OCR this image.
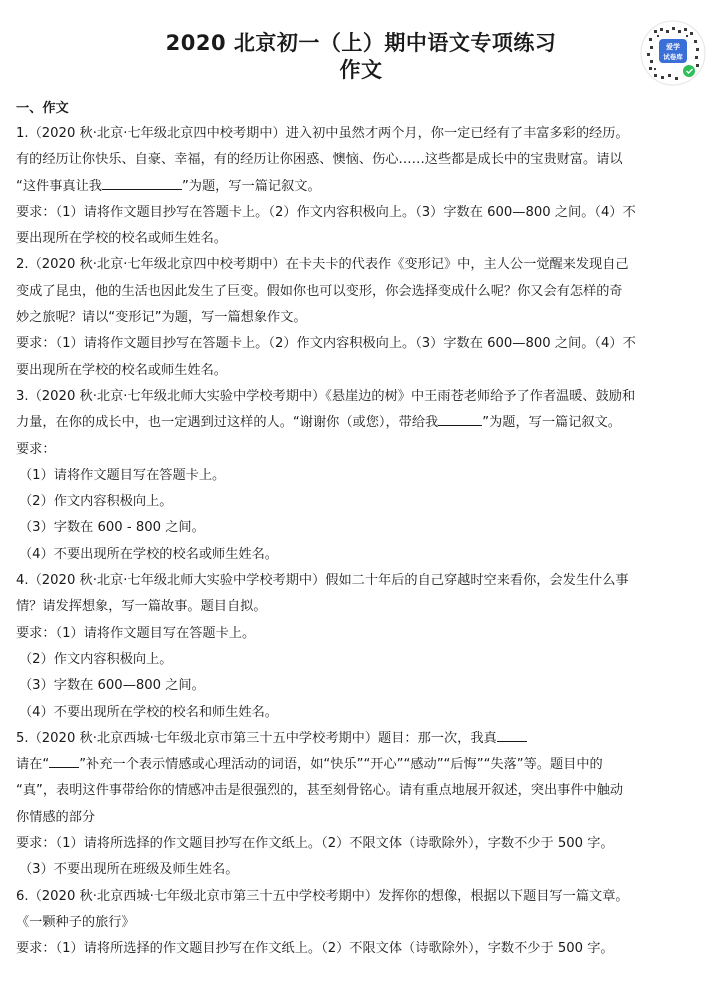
2020 北京初一（上）期中语文专项练习
作文
爱学
试卷库
一、作文
1.（2020 秋·北京·七年级北京四中校考期中）进入初中虽然才两个月，你一定已经有了丰富多彩的经历。
有的经历让你快乐、自豪、幸福，有的经历让你困惑、懊恼、伤心……这些都是成长中的宝贵财富。请以
“这件事真让我	”为题，写一篇记叙文。
要求：（1）请将作文题目抄写在答题卡上。（2）作文内容积极向上。（3）字数在 600—800 之间。（4）不
要出现所在学校的校名或师生姓名。
2.（2020 秋·北京·七年级北京四中校考期中）在卡夫卡的代表作《变形记》中，主人公一觉醒来发现自己
变成了昆虫，他的生活也因此发生了巨变。假如你也可以变形，你会选择变成什么呢？你又会有怎样的奇
妙之旅呢？请以“变形记”为题，写一篇想象作文。
要求：（1）请将作文题目抄写在答题卡上。（2）作文内容积极向上。（3）字数在 600—800 之间。（4）不
要出现所在学校的校名或师生姓名。
3.（2020 秋·北京·七年级北师大实验中学校考期中）《悬崖边的树》中王雨苍老师给予了作者温暖、鼓励和
力量，在你的成长中，也一定遇到过这样的人。“谢谢你（或您），带给我	”为题，写一篇记叙文。
要求：
（1）请将作文题目写在答题卡上。
（2）作文内容积极向上。
（3）字数在 600 - 800 之间。
（4）不要出现所在学校的校名或师生姓名。
4.（2020 秋·北京·七年级北师大实验中学校考期中）假如二十年后的自己穿越时空来看你，会发生什么事
情？请发挥想象，写一篇故事。题目自拟。
要求：（1）请将作文题目写在答题卡上。
（2）作文内容积极向上。
（3）字数在 600—800 之间。
（4）不要出现所在学校的校名和师生姓名。
5.（2020 秋·北京西城·七年级北京市第三十五中学校考期中）题目：那一次，我真
请在“ ”补充一个表示情感或心理活动的词语，如“快乐”“开心”“感动”“后悔”“失落”等。题目中的
“真”，表明这件事带给你的情感冲击是很强烈的，甚至刻骨铭心。请有重点地展开叙述，突出事件中触动
你情感的部分
要求：（1）请将所选择的作文题目抄写在作文纸上。（2）不限文体（诗歌除外），字数不少于 500 字。
（3）不要出现所在班级及师生姓名。
6.（2020 秋·北京西城·七年级北京市第三十五中学校考期中）发挥你的想像，根据以下题目写一篇文章。
《一颗种子的旅行》
要求：（1）请将所选择的作文题目抄写在作文纸上。（2）不限文体（诗歌除外），字数不少于 500 字。
